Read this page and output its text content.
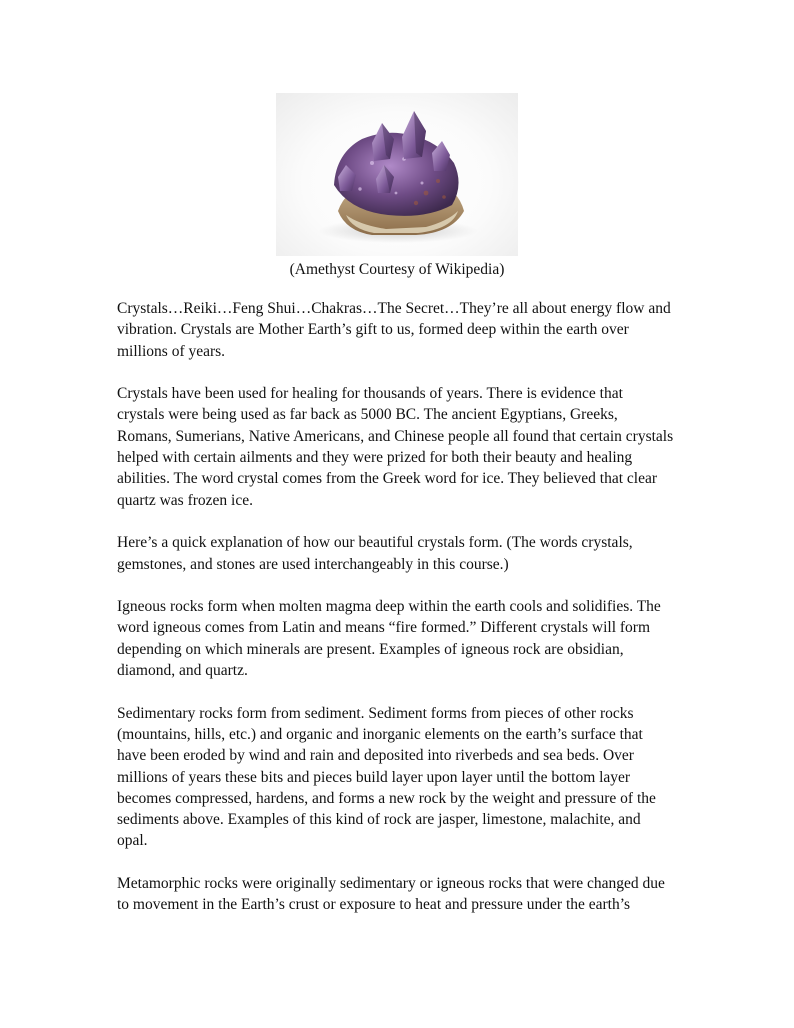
(Amethyst Courtesy of Wikipedia)

Crystals…Reiki…Feng Shui…Chakras…The Secret…They’re all about energy flow and
vibration. Crystals are Mother Earth’s gift to us, formed deep within the earth over
millions of years.

Crystals have been used for healing for thousands of years. There is evidence that
crystals were being used as far back as 5000 BC. The ancient Egyptians, Greeks,
Romans, Sumerians, Native Americans, and Chinese people all found that certain crystals
helped with certain ailments and they were prized for both their beauty and healing
abilities. The word crystal comes from the Greek word for ice. They believed that clear
quartz was frozen ice.

Here’s a quick explanation of how our beautiful crystals form. (The words crystals,
gemstones, and stones are used interchangeably in this course.)

Igneous rocks form when molten magma deep within the earth cools and solidifies. The
word igneous comes from Latin and means “fire formed.” Different crystals will form
depending on which minerals are present. Examples of igneous rock are obsidian,
diamond, and quartz.

Sedimentary rocks form from sediment. Sediment forms from pieces of other rocks
(mountains, hills, etc.) and organic and inorganic elements on the earth’s surface that
have been eroded by wind and rain and deposited into riverbeds and sea beds. Over
millions of years these bits and pieces build layer upon layer until the bottom layer
becomes compressed, hardens, and forms a new rock by the weight and pressure of the
sediments above. Examples of this kind of rock are jasper, limestone, malachite, and
opal.

Metamorphic rocks were originally sedimentary or igneous rocks that were changed due
to movement in the Earth’s crust or exposure to heat and pressure under the earth’s
